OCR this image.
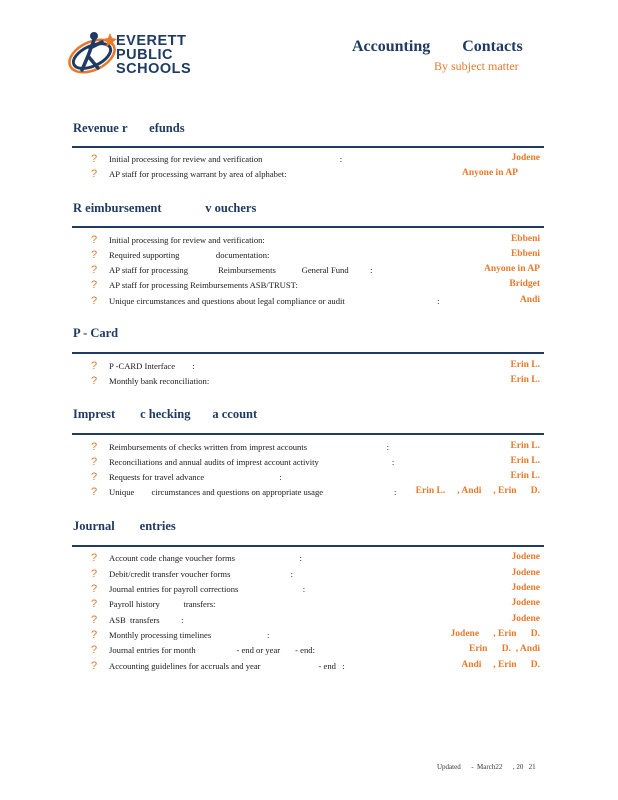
EVERETT
PUBLIC
SCHOOLS
Accounting        Contacts
By subject matter
Revenue r       efunds
? Initial processing for review and verification                                    :	Jodene
? AP staff for processing warrant by area of alphabet:	Anyone in AP
R eimbursement              v ouchers
? Initial processing for review and verification:	Ebbeni
? Required supporting                 documentation:	Ebbeni
? AP staff for processing              Reimbursements            General Fund          :	Anyone in AP
? AP staff for processing Reimbursements ASB/TRUST:	Bridget
? Unique circumstances and questions about legal compliance or audit                                           :	Andi
P - Card
? P -CARD Interface        :	Erin L.
? Monthly bank reconciliation:	Erin L.
Imprest        c hecking       a ccount
? Reimbursements of checks written from imprest accounts                                     :	Erin L.
? Reconciliations and annual audits of imprest account activity                                  :	Erin L.
? Requests for travel advance                                   :	Erin L.
? Unique        circumstances and questions on appropriate usage                                 : Erin L.     , Andi     , Erin      D.
Journal        entries
? Account code change voucher forms                              :	Jodene
? Debit/credit transfer voucher forms                            :	Jodene
? Journal entries for payroll corrections                              :	Jodene
? Payroll history           transfers:	Jodene
? ASB  transfers          :	Jodene
? Monthly processing timelines                          :	Jodene      , Erin      D.
? Journal entries for month                   - end or year       - end:	Erin      D.  , Andi
? Accounting guidelines for accruals and year                           - end   :	Andi     , Erin      D.
Updated      -  March22      , 20   21
